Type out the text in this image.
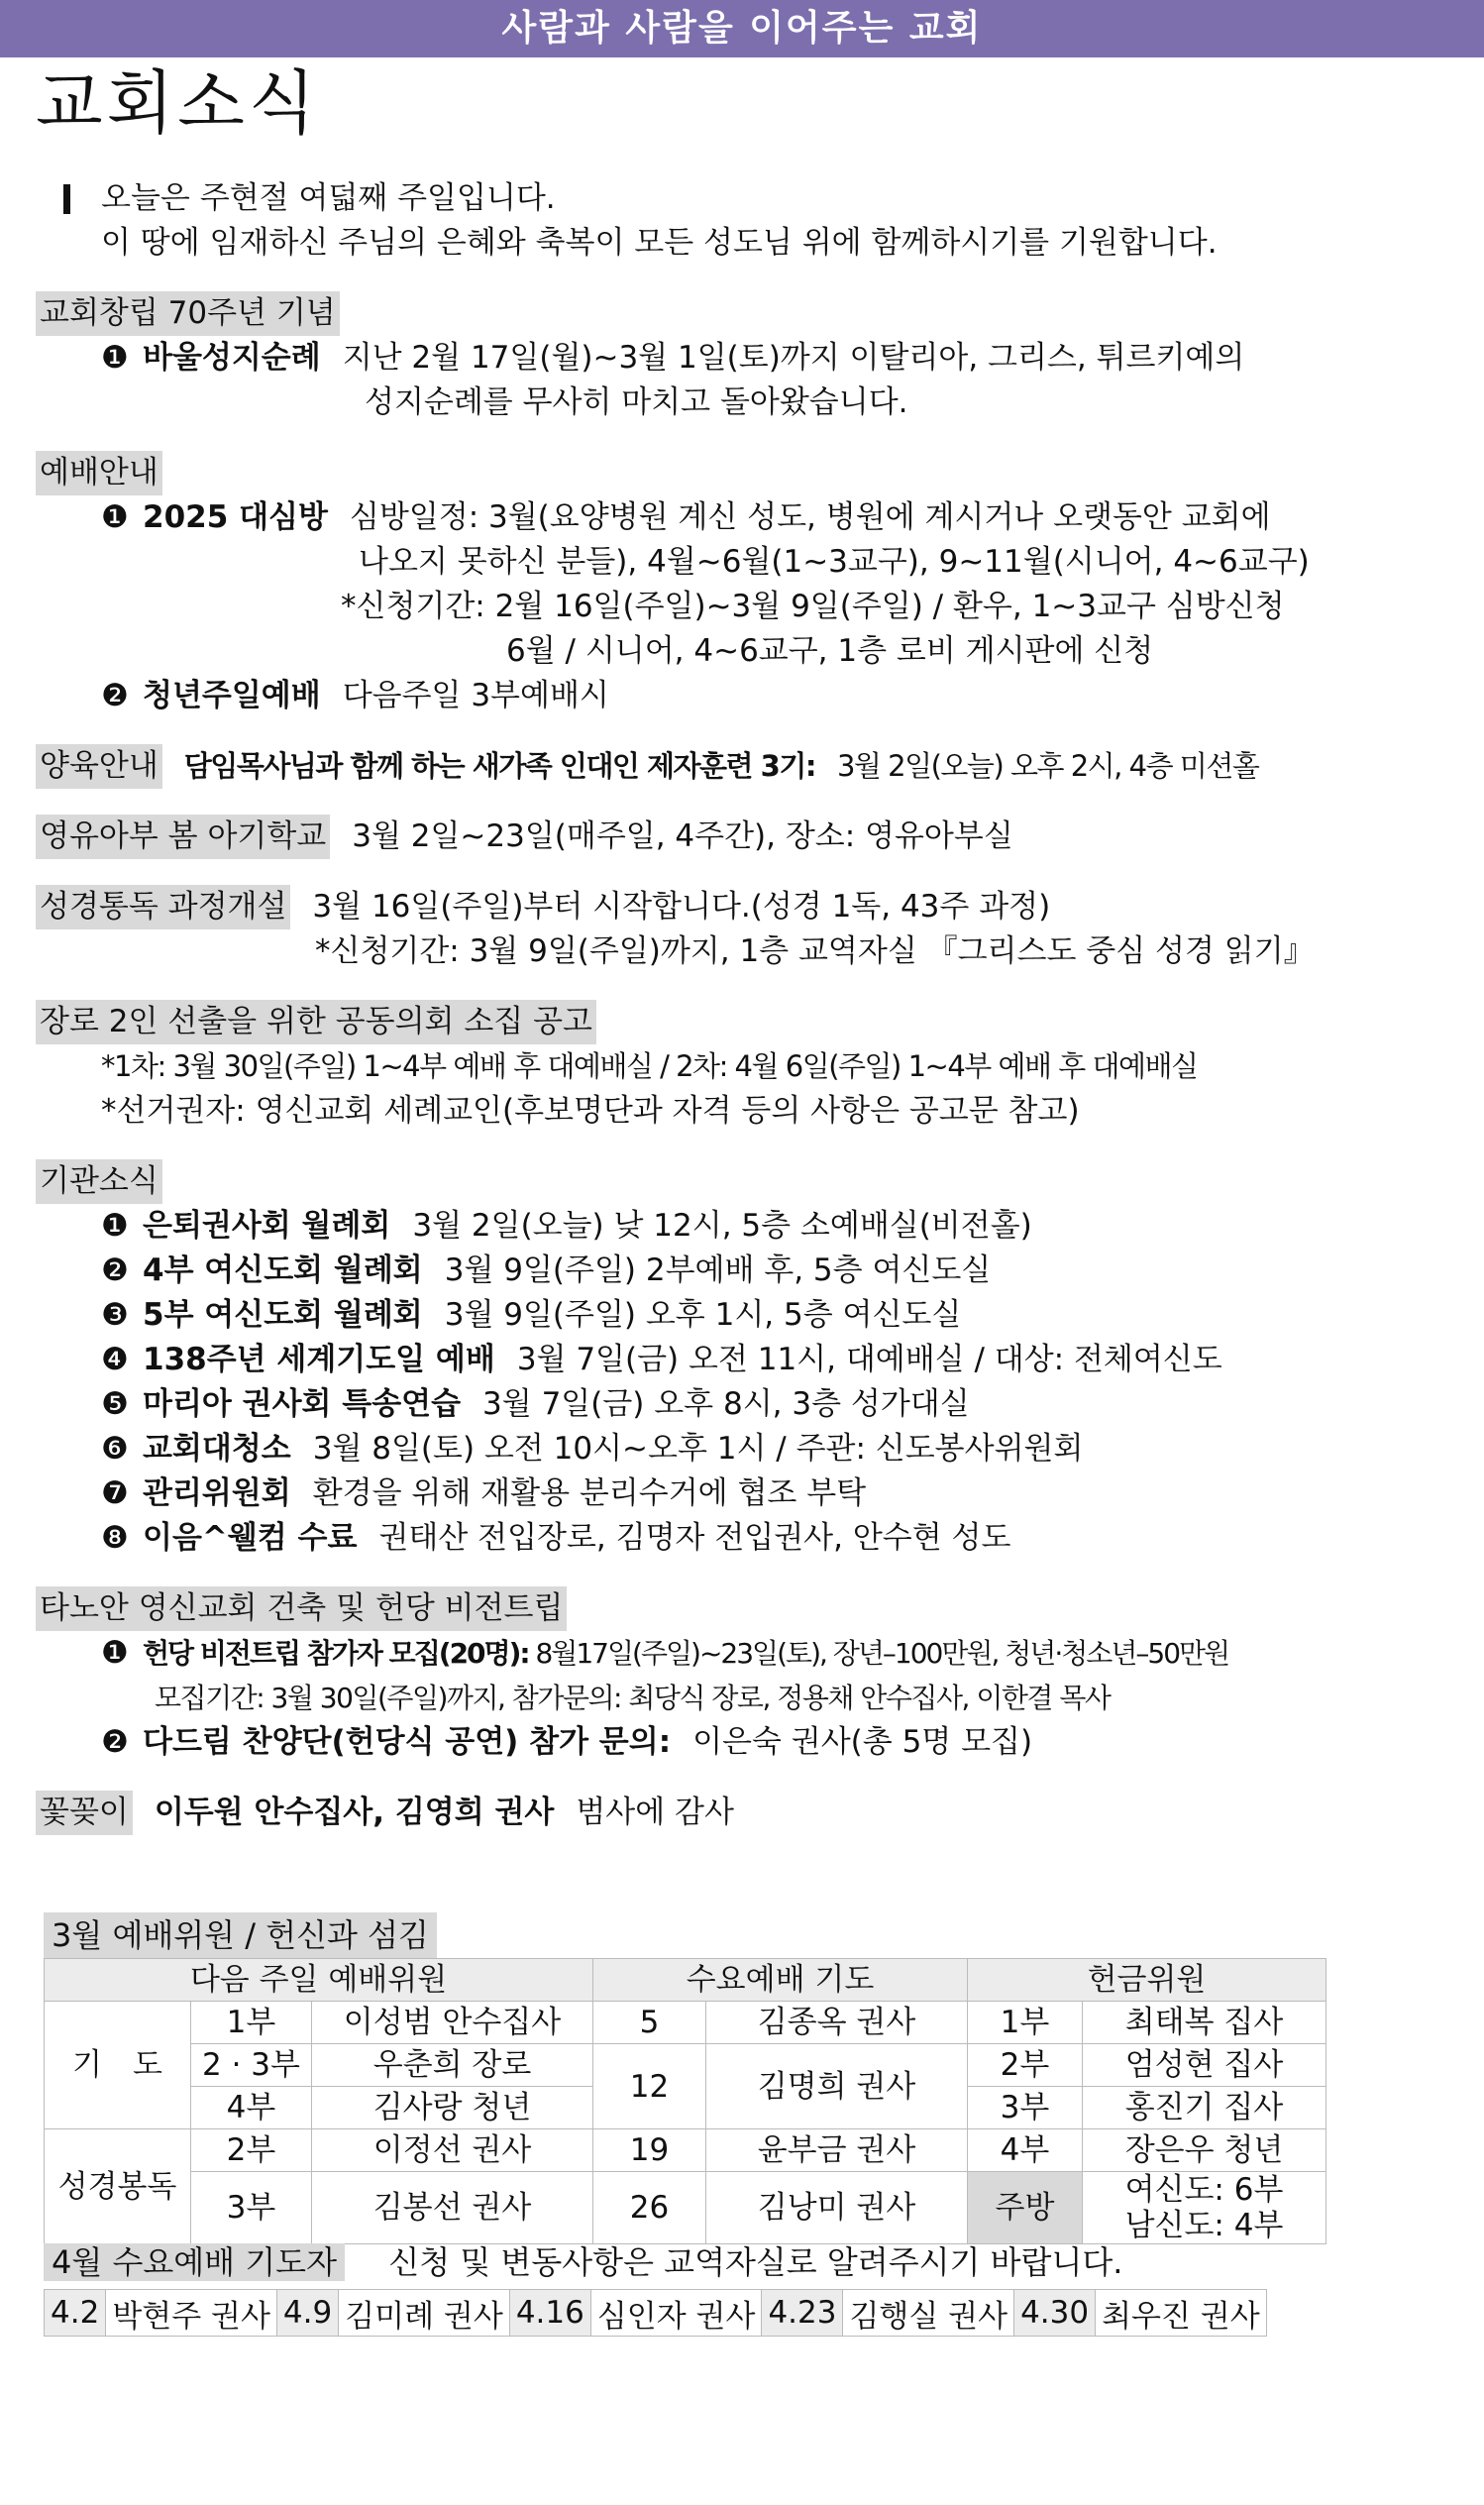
사람과 사람을 이어주는 교회
교회소식
오늘은 주현절 여덟째 주일입니다.
이 땅에 임재하신 주님의 은혜와 축복이 모든 성도님 위에 함께하시기를 기원합니다.
교회창립 70주년 기념
❶ 바울성지순례 지난 2월 17일(월)~3월 1일(토)까지 이탈리아, 그리스, 튀르키예의
성지순례를 무사히 마치고 돌아왔습니다.
예배안내
❶ 2025 대심방 심방일정: 3월(요양병원 계신 성도, 병원에 계시거나 오랫동안 교회에
나오지 못하신 분들), 4월~6월(1~3교구), 9~11월(시니어, 4~6교구)
*신청기간: 2월 16일(주일)~3월 9일(주일) / 환우, 1~3교구 심방신청
6월 / 시니어, 4~6교구, 1층 로비 게시판에 신청
❷ 청년주일예배 다음주일 3부예배시
양육안내 담임목사님과 함께 하는 새가족 인대인 제자훈련 3기: 3월 2일(오늘) 오후 2시, 4층 미션홀
영유아부 봄 아기학교 3월 2일~23일(매주일, 4주간), 장소: 영유아부실
성경통독 과정개설 3월 16일(주일)부터 시작합니다.(성경 1독, 43주 과정)
*신청기간: 3월 9일(주일)까지, 1층 교역자실 『그리스도 중심 성경 읽기』
장로 2인 선출을 위한 공동의회 소집 공고
*1차: 3월 30일(주일) 1~4부 예배 후 대예배실 / 2차: 4월 6일(주일) 1~4부 예배 후 대예배실
*선거권자: 영신교회 세례교인(후보명단과 자격 등의 사항은 공고문 참고)
기관소식
❶ 은퇴권사회 월례회 3월 2일(오늘) 낮 12시, 5층 소예배실(비전홀)
❷ 4부 여신도회 월례회 3월 9일(주일) 2부예배 후, 5층 여신도실
❸ 5부 여신도회 월례회 3월 9일(주일) 오후 1시, 5층 여신도실
❹ 138주년 세계기도일 예배 3월 7일(금) 오전 11시, 대예배실 / 대상: 전체여신도
❺ 마리아 권사회 특송연습 3월 7일(금) 오후 8시, 3층 성가대실
❻ 교회대청소 3월 8일(토) 오전 10시~오후 1시 / 주관: 신도봉사위원회
❼ 관리위원회 환경을 위해 재활용 분리수거에 협조 부탁
❽ 이음^웰컴 수료 권태산 전입장로, 김명자 전입권사, 안수현 성도
타노안 영신교회 건축 및 헌당 비전트립
❶ 헌당 비전트립 참가자 모집(20명): 8월17일(주일)~23일(토), 장년–100만원, 청년·청소년–50만원
모집기간: 3월 30일(주일)까지, 참가문의: 최당식 장로, 정용채 안수집사, 이한결 목사
❷ 다드림 찬양단(헌당식 공연) 참가 문의: 이은숙 권사(총 5명 모집)
꽃꽂이 이두원 안수집사, 김영희 권사 범사에 감사
3월 예배위원 / 헌신과 섬김
다음 주일 예배위원			수요예배 기도		헌금위원	
기　도	1부	이성범 안수집사	5	김종옥 권사	1부	최태복 집사
	2 · 3부	우춘희 장로	12	김명희 권사	2부	엄성현 집사
	4부	김사랑 청년			3부	홍진기 집사
성경봉독	2부	이정선 권사	19	윤부금 권사	4부	장은우 청년
	3부	김봉선 권사	26	김낭미 권사	주방	여신도: 6부
남신도: 4부
4월 수요예배 기도자 신청 및 변동사항은 교역자실로 알려주시기 바랍니다.
4.2	박현주 권사	4.9	김미례 권사	4.16	심인자 권사	4.23	김행실 권사	4.30	최우진 권사
